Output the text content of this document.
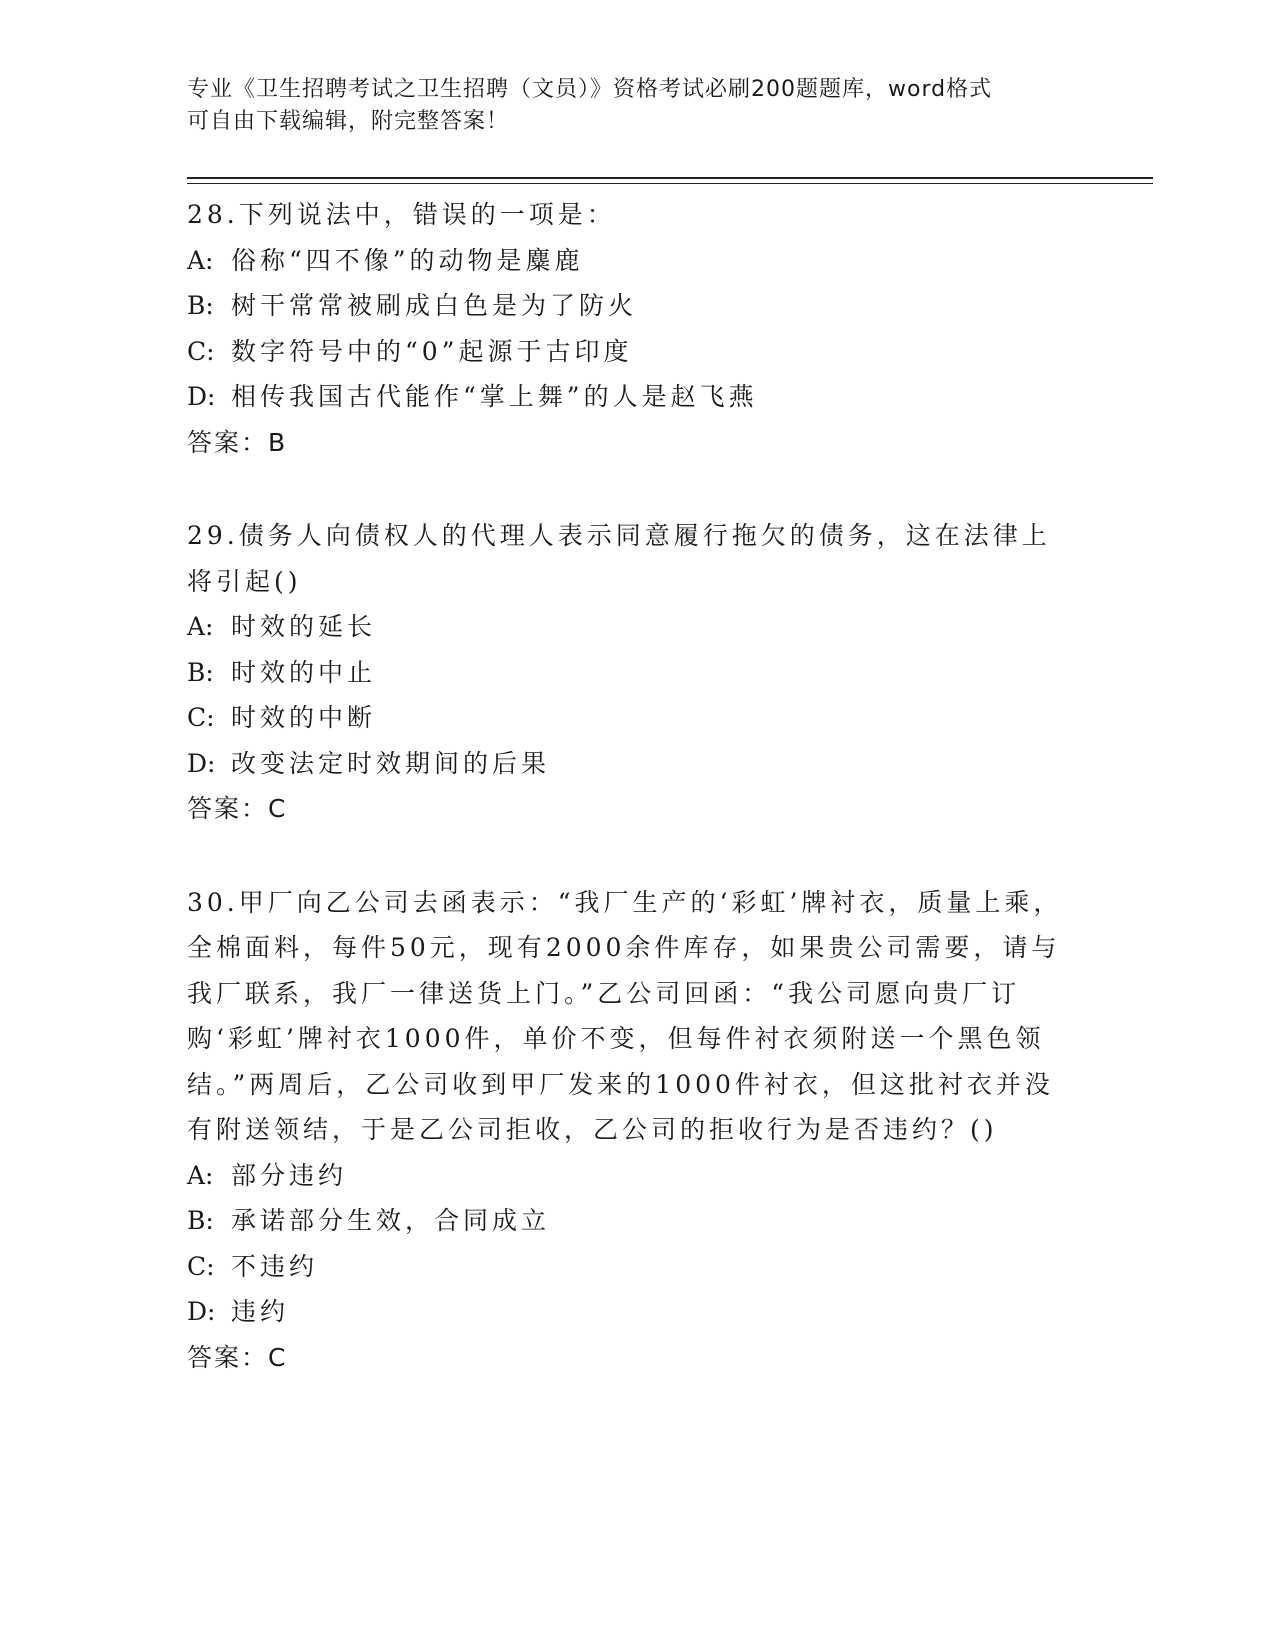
专业《卫生招聘考试之卫生招聘（文员）》资格考试必刷200题题库，word格式
可自由下载编辑，附完整答案！
28.下列说法中，错误的一项是：
A: 俗称“四不像”的动物是麋鹿
B: 树干常常被刷成白色是为了防火
C: 数字符号中的“0”起源于古印度
D: 相传我国古代能作“掌上舞”的人是赵飞燕
答案：B
29.债务人向债权人的代理人表示同意履行拖欠的债务，这在法律上将引起()
A: 时效的延长
B: 时效的中止
C: 时效的中断
D: 改变法定时效期间的后果
答案：C
30.甲厂向乙公司去函表示：“我厂生产的‘彩虹’牌衬衣，质量上乘，全棉面料，每件50元，现有2000余件库存，如果贵公司需要，请与我厂联系，我厂一律送货上门。”乙公司回函：“我公司愿向贵厂订购‘彩虹’牌衬衣1000件，单价不变，但每件衬衣须附送一个黑色领结。”两周后，乙公司收到甲厂发来的1000件衬衣，但这批衬衣并没有附送领结，于是乙公司拒收，乙公司的拒收行为是否违约？()
A: 部分违约
B: 承诺部分生效，合同成立
C: 不违约
D: 违约
答案：C
